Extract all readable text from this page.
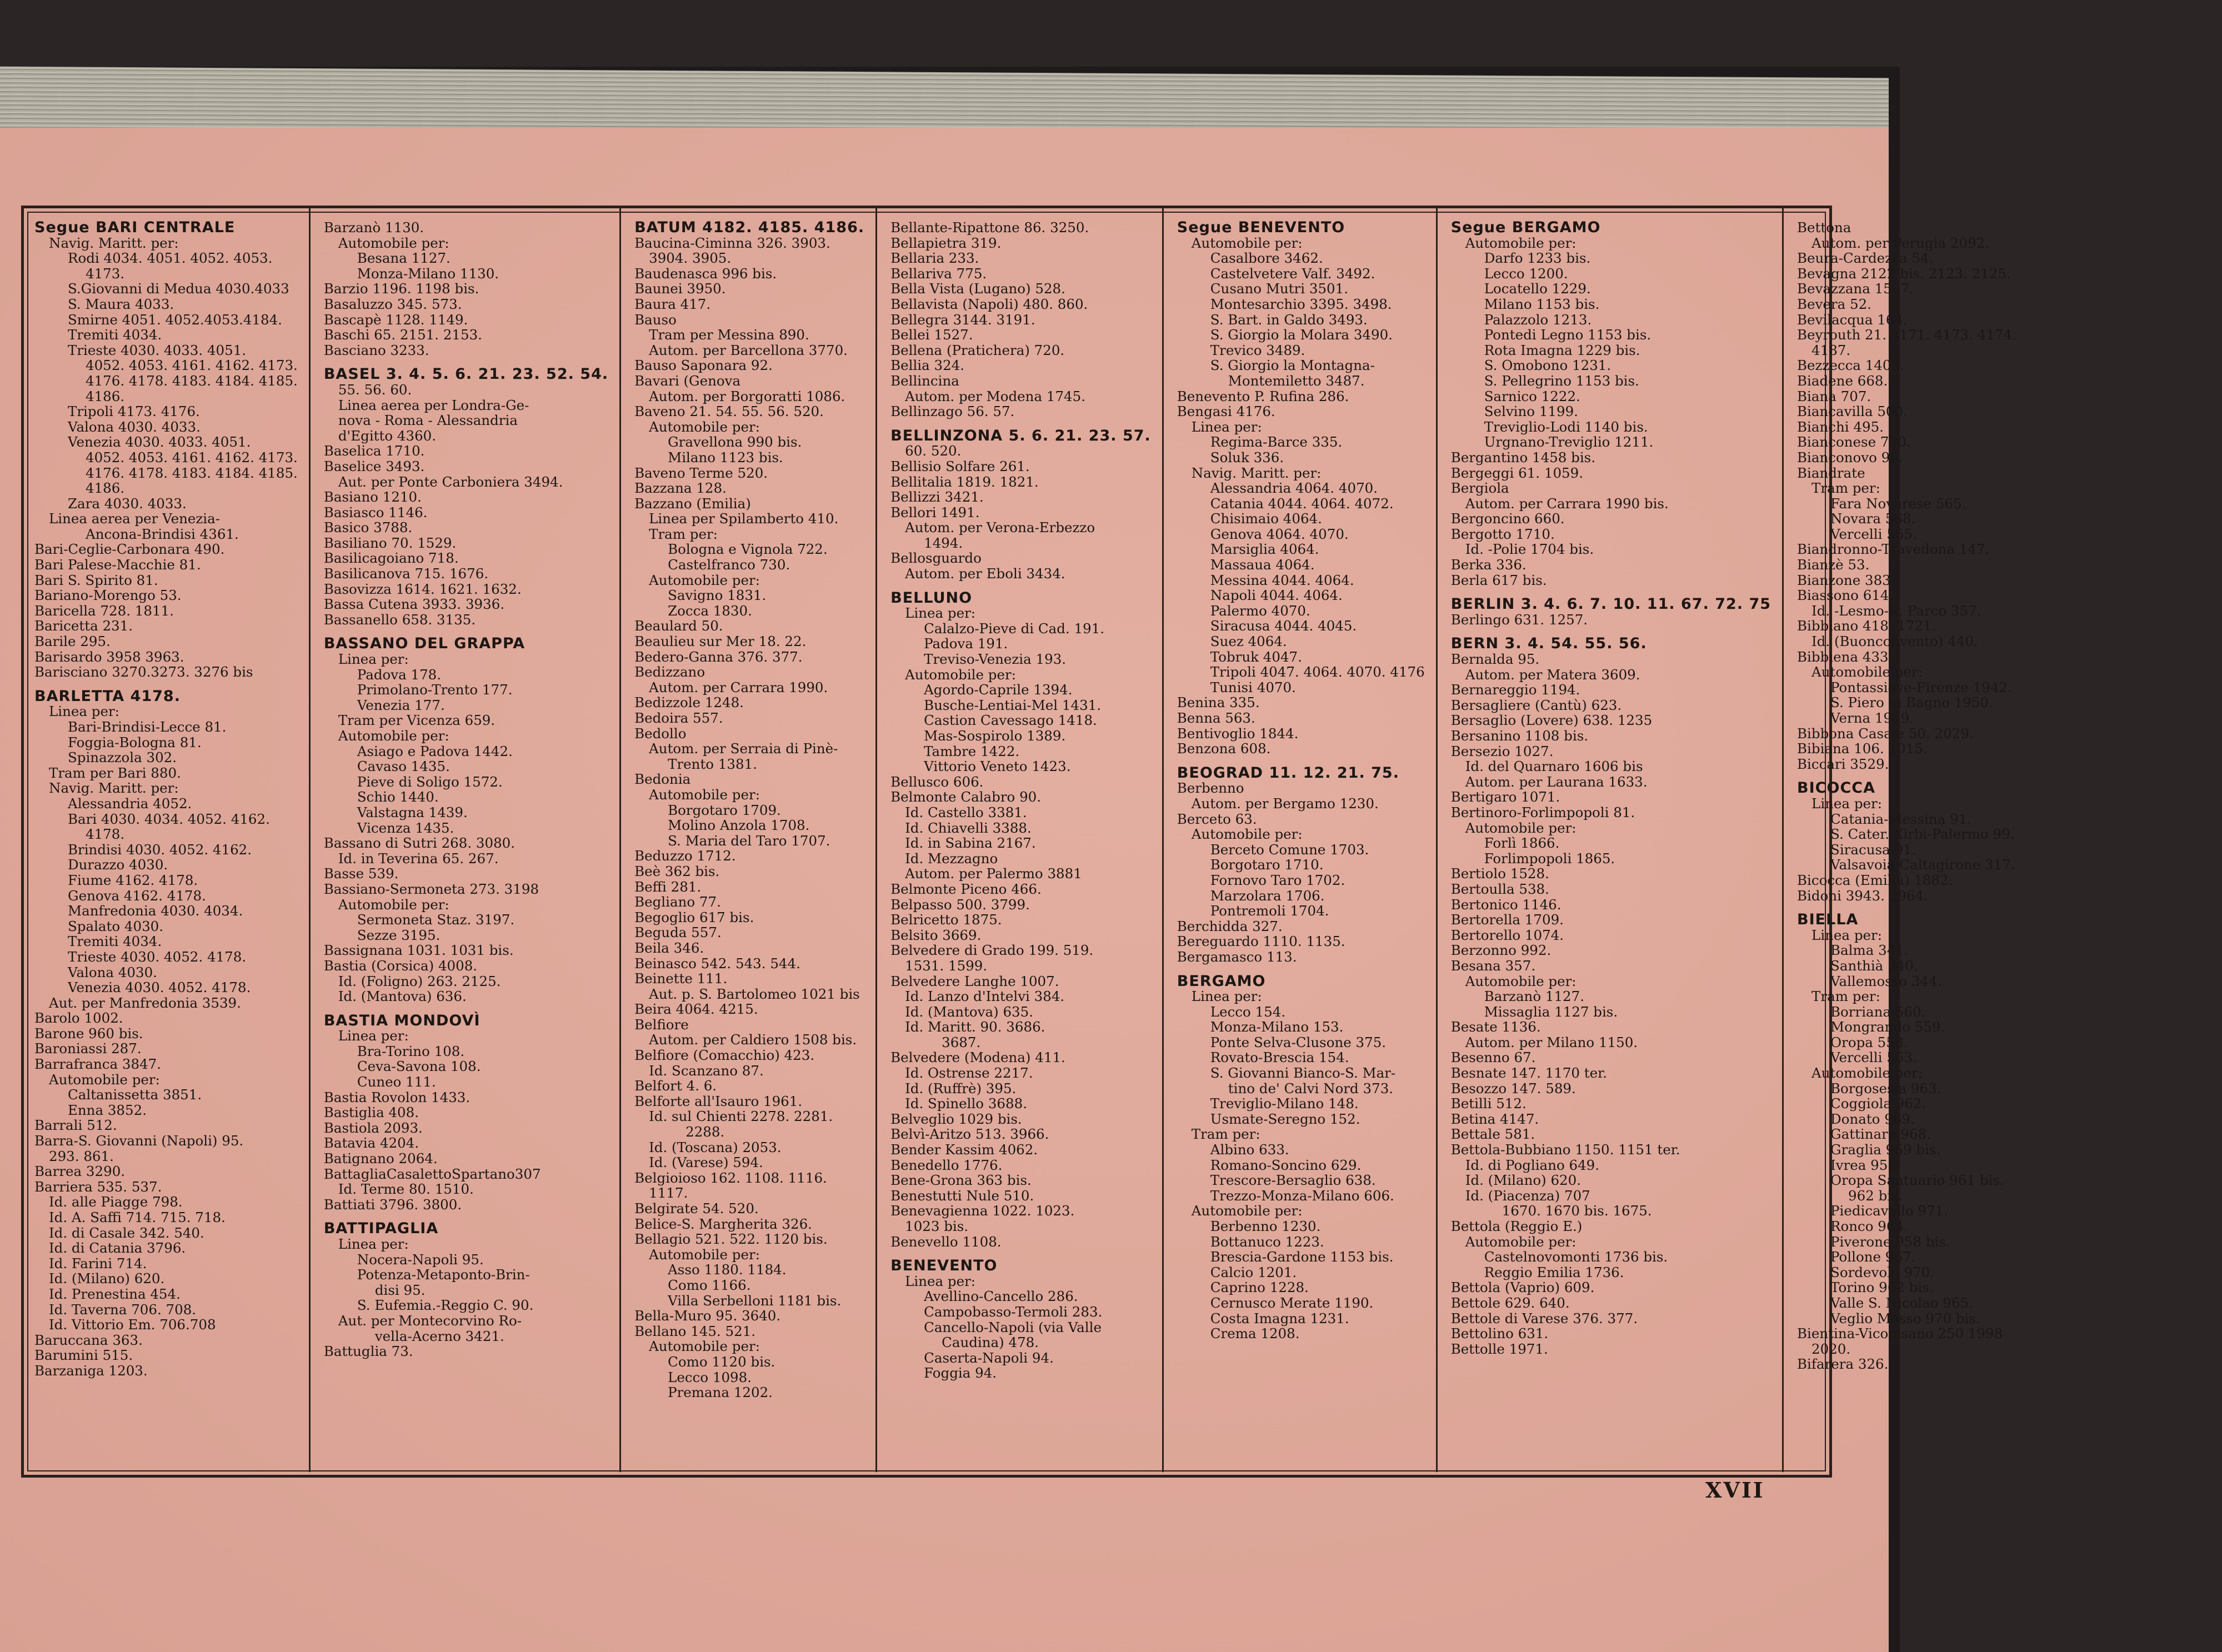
Segue BARI CENTRALE
Navig. Maritt. per:
Rodi 4034. 4051. 4052. 4053.
4173.
S.Giovanni di Medua 4030.4033
S. Maura 4033.
Smirne 4051. 4052.4053.4184.
Tremiti 4034.
Trieste 4030. 4033. 4051.
4052. 4053. 4161. 4162. 4173.
4176. 4178. 4183. 4184. 4185.
4186.
Tripoli 4173. 4176.
Valona 4030. 4033.
Venezia 4030. 4033. 4051.
4052. 4053. 4161. 4162. 4173.
4176. 4178. 4183. 4184. 4185.
4186.
Zara 4030. 4033.
Linea aerea per Venezia-
Ancona-Brindisi 4361.
Bari-Ceglie-Carbonara 490.
Bari Palese-Macchie 81.
Bari S. Spirito 81.
Bariano-Morengo 53.
Baricella 728. 1811.
Baricetta 231.
Barile 295.
Barisardo 3958 3963.
Barisciano 3270.3273. 3276 bis
BARLETTA 4178.
Linea per:
Bari-Brindisi-Lecce 81.
Foggia-Bologna 81.
Spinazzola 302.
Tram per Bari 880.
Navig. Maritt. per:
Alessandria 4052.
Bari 4030. 4034. 4052. 4162.
4178.
Brindisi 4030. 4052. 4162.
Durazzo 4030.
Fiume 4162. 4178.
Genova 4162. 4178.
Manfredonia 4030. 4034.
Spalato 4030.
Tremiti 4034.
Trieste 4030. 4052. 4178.
Valona 4030.
Venezia 4030. 4052. 4178.
Aut. per Manfredonia 3539.
Barolo 1002.
Barone 960 bis.
Baroniassi 287.
Barrafranca 3847.
Automobile per:
Caltanissetta 3851.
Enna 3852.
Barrali 512.
Barra-S. Giovanni (Napoli) 95.
293. 861.
Barrea 3290.
Barriera 535. 537.
Id. alle Piagge 798.
Id. A. Saffi 714. 715. 718.
Id. di Casale 342. 540.
Id. di Catania 3796.
Id. Farini 714.
Id. (Milano) 620.
Id. Prenestina 454.
Id. Taverna 706. 708.
Id. Vittorio Em. 706.708
Baruccana 363.
Barumini 515.
Barzaniga 1203.
Barzanò 1130.
Automobile per:
Besana 1127.
Monza-Milano 1130.
Barzio 1196. 1198 bis.
Basaluzzo 345. 573.
Bascapè 1128. 1149.
Baschi 65. 2151. 2153.
Basciano 3233.
BASEL 3. 4. 5. 6. 21. 23. 52. 54.
55. 56. 60.
Linea aerea per Londra-Ge-
nova - Roma - Alessandria
d'Egitto 4360.
Baselica 1710.
Baselice 3493.
Aut. per Ponte Carboniera 3494.
Basiano 1210.
Basiasco 1146.
Basico 3788.
Basiliano 70. 1529.
Basilicagoiano 718.
Basilicanova 715. 1676.
Basovizza 1614. 1621. 1632.
Bassa Cutena 3933. 3936.
Bassanello 658. 3135.
BASSANO DEL GRAPPA
Linea per:
Padova 178.
Primolano-Trento 177.
Venezia 177.
Tram per Vicenza 659.
Automobile per:
Asiago e Padova 1442.
Cavaso 1435.
Pieve di Soligo 1572.
Schio 1440.
Valstagna 1439.
Vicenza 1435.
Bassano di Sutri 268. 3080.
Id. in Teverina 65. 267.
Basse 539.
Bassiano-Sermoneta 273. 3198
Automobile per:
Sermoneta Staz. 3197.
Sezze 3195.
Bassignana 1031. 1031 bis.
Bastia (Corsica) 4008.
Id. (Foligno) 263. 2125.
Id. (Mantova) 636.
BASTIA MONDOVÌ
Linea per:
Bra-Torino 108.
Ceva-Savona 108.
Cuneo 111.
Bastia Rovolon 1433.
Bastiglia 408.
Bastiola 2093.
Batavia 4204.
Batignano 2064.
BattagliaCasalettoSpartano307
Id. Terme 80. 1510.
Battiati 3796. 3800.
BATTIPAGLIA
Linea per:
Nocera-Napoli 95.
Potenza-Metaponto-Brin-
disi 95.
S. Eufemia.-Reggio C. 90.
Aut. per Montecorvino Ro-
vella-Acerno 3421.
Battuglia 73.
BATUM 4182. 4185. 4186.
Baucina-Ciminna 326. 3903.
3904. 3905.
Baudenasca 996 bis.
Baunei 3950.
Baura 417.
Bauso
Tram per Messina 890.
Autom. per Barcellona 3770.
Bauso Saponara 92.
Bavari (Genova
Autom. per Borgoratti 1086.
Baveno 21. 54. 55. 56. 520.
Automobile per:
Gravellona 990 bis.
Milano 1123 bis.
Baveno Terme 520.
Bazzana 128.
Bazzano (Emilia)
Linea per Spilamberto 410.
Tram per:
Bologna e Vignola 722.
Castelfranco 730.
Automobile per:
Savigno 1831.
Zocca 1830.
Beaulard 50.
Beaulieu sur Mer 18. 22.
Bedero-Ganna 376. 377.
Bedizzano
Autom. per Carrara 1990.
Bedizzole 1248.
Bedoira 557.
Bedollo
Autom. per Serraia di Pinè-
Trento 1381.
Bedonia
Automobile per:
Borgotaro 1709.
Molino Anzola 1708.
S. Maria del Taro 1707.
Beduzzo 1712.
Beè 362 bis.
Beffi 281.
Begliano 77.
Begoglio 617 bis.
Beguda 557.
Beila 346.
Beinasco 542. 543. 544.
Beinette 111.
Aut. p. S. Bartolomeo 1021 bis
Beira 4064. 4215.
Belfiore
Autom. per Caldiero 1508 bis.
Belfiore (Comacchio) 423.
Id. Scanzano 87.
Belfort 4. 6.
Belforte all'Isauro 1961.
Id. sul Chienti 2278. 2281.
2288.
Id. (Toscana) 2053.
Id. (Varese) 594.
Belgioioso 162. 1108. 1116.
1117.
Belgirate 54. 520.
Belice-S. Margherita 326.
Bellagio 521. 522. 1120 bis.
Automobile per:
Asso 1180. 1184.
Como 1166.
Villa Serbelloni 1181 bis.
Bella-Muro 95. 3640.
Bellano 145. 521.
Automobile per:
Como 1120 bis.
Lecco 1098.
Premana 1202.
Bellante-Ripattone 86. 3250.
Bellapietra 319.
Bellaria 233.
Bellariva 775.
Bella Vista (Lugano) 528.
Bellavista (Napoli) 480. 860.
Bellegra 3144. 3191.
Bellei 1527.
Bellena (Praticherа) 720.
Bellia 324.
Bellincina
Autom. per Modena 1745.
Bellinzago 56. 57.
BELLINZONA 5. 6. 21. 23. 57.
60. 520.
Bellisio Solfare 261.
Bellitalia 1819. 1821.
Bellizzi 3421.
Bellori 1491.
Autom. per Verona-Erbezzo
1494.
Bellosguardo
Autom. per Eboli 3434.
BELLUNO
Linea per:
Calalzo-Pieve di Cad. 191.
Padova 191.
Treviso-Venezia 193.
Automobile per:
Agordo-Caprile 1394.
Busche-Lentiai-Mel 1431.
Castion Cavessago 1418.
Mas-Sospirolo 1389.
Tambre 1422.
Vittorio Veneto 1423.
Bellusco 606.
Belmonte Calabro 90.
Id. Castello 3381.
Id. Chiavelli 3388.
Id. in Sabina 2167.
Id. Mezzagno
Autom. per Palermo 3881
Belmonte Piceno 466.
Belpasso 500. 3799.
Belricetto 1875.
Belsito 3669.
Belvedere di Grado 199. 519.
1531. 1599.
Belvedere Langhe 1007.
Id. Lanzo d'Intelvi 384.
Id. (Mantova) 635.
Id. Maritt. 90. 3686.
3687.
Belvedere (Modena) 411.
Id. Ostrense 2217.
Id. (Ruffrè) 395.
Id. Spinello 3688.
Belveglio 1029 bis.
Belvì-Aritzo 513. 3966.
Bender Kassim 4062.
Benedello 1776.
Bene-Grona 363 bis.
Benestutti Nule 510.
Benevagienna 1022. 1023.
1023 bis.
Benevello 1108.
BENEVENTO
Linea per:
Avellino-Cancello 286.
Campobasso-Termoli 283.
Cancello-Napoli (via Valle
Caudina) 478.
Caserta-Napoli 94.
Foggia 94.
Segue BENEVENTO
Automobile per:
Casalbore 3462.
Castelvetere Valf. 3492.
Cusano Mutri 3501.
Montesarchio 3395. 3498.
S. Bart. in Galdo 3493.
S. Giorgio la Molara 3490.
Trevico 3489.
S. Giorgio la Montagna-
Montemiletto 3487.
Benevento P. Rufina 286.
Bengasi 4176.
Linea per:
Regima-Barce 335.
Soluk 336.
Navig. Maritt. per:
Alessandria 4064. 4070.
Catania 4044. 4064. 4072.
Chisimaio 4064.
Genova 4064. 4070.
Marsiglia 4064.
Massaua 4064.
Messina 4044. 4064.
Napoli 4044. 4064.
Palermo 4070.
Siracusa 4044. 4045.
Suez 4064.
Tobruk 4047.
Tripoli 4047. 4064. 4070. 4176
Tunisi 4070.
Benina 335.
Benna 563.
Bentivoglio 1844.
Benzona 608.
BEOGRAD 11. 12. 21. 75.
Berbenno
Autom. per Bergamo 1230.
Berceto 63.
Automobile per:
Berceto Comune 1703.
Borgotaro 1710.
Fornovo Taro 1702.
Marzolara 1706.
Pontremoli 1704.
Berchidda 327.
Bereguardo 1110. 1135.
Bergamasco 113.
BERGAMO
Linea per:
Lecco 154.
Monza-Milano 153.
Ponte Selva-Clusone 375.
Rovato-Brescia 154.
S. Giovanni Bianco-S. Mar-
tino de' Calvi Nord 373.
Treviglio-Milano 148.
Usmate-Seregno 152.
Tram per:
Albino 633.
Romano-Soncino 629.
Trescore-Bersaglio 638.
Trezzo-Monza-Milano 606.
Automobile per:
Berbenno 1230.
Bottanuco 1223.
Brescia-Gardone 1153 bis.
Calcio 1201.
Caprino 1228.
Cernusco Merate 1190.
Costa Imagna 1231.
Crema 1208.
Segue BERGAMO
Automobile per:
Darfo 1233 bis.
Lecco 1200.
Locatello 1229.
Milano 1153 bis.
Palazzolo 1213.
Pontedi Legno 1153 bis.
Rota Imagna 1229 bis.
S. Omobono 1231.
S. Pellegrino 1153 bis.
Sarnico 1222.
Selvino 1199.
Treviglio-Lodi 1140 bis.
Urgnano-Treviglio 1211.
Bergantino 1458 bis.
Bergeggi 61. 1059.
Bergiola
Autom. per Carrara 1990 bis.
Bergoncino 660.
Bergotto 1710.
Id. -Polie 1704 bis.
Berka 336.
Berla 617 bis.
BERLIN 3. 4. 6. 7. 10. 11. 67. 72. 75
Berlingo 631. 1257.
BERN 3. 4. 54. 55. 56.
Bernalda 95.
Autom. per Matera 3609.
Bernareggio 1194.
Bersagliere (Cantù) 623.
Bersaglio (Lovere) 638. 1235
Bersanino 1108 bis.
Bersezio 1027.
Id. del Quarnaro 1606 bis
Autom. per Laurana 1633.
Bertigaro 1071.
Bertinoro-Forlimpopoli 81.
Automobile per:
Forlì 1866.
Forlimpopoli 1865.
Bertiolo 1528.
Bertoulla 538.
Bertonico 1146.
Bertorella 1709.
Bertorello 1074.
Berzonno 992.
Besana 357.
Automobile per:
Barzanò 1127.
Missaglia 1127 bis.
Besate 1136.
Autom. per Milano 1150.
Besenno 67.
Besnate 147. 1170 ter.
Besozzo 147. 589.
Betilli 512.
Betina 4147.
Bettale 581.
Bettola-Bubbiano 1150. 1151 ter.
Id. di Pogliano 649.
Id. (Milano) 620.
Id. (Piacenza) 707
1670. 1670 bis. 1675.
Bettola (Reggio E.)
Automobile per:
Castelnovomonti 1736 bis.
Reggio Emilia 1736.
Bettola (Vaprio) 609.
Bettole 629. 640.
Bettole di Varese 376. 377.
Bettolino 631.
Bettolle 1971.
Bettona
Autom. per Perugia 2092.
Beura-Cardezza 54.
Bevagna 2122 bis. 2123. 2125.
Bevazzana 1557.
Bevera 52.
Bevilacqua 164.
Beyrouth 21. 4171. 4173. 4174.
4187.
Bezzecca 1403.
Biadene 668.
Biana 707.
Biancavilla 500.
Bianchi 495.
Bianconese 720.
Bianconovo 96.
Biandrate
Tram per:
Fara Novarese 565.
Novara 568.
Vercelli 565.
Biandronno-Travedona 147.
Bianzè 53.
Bianzone 383.
Biassono 614.
Id. -Lesmo-R. Parco 357.
Bibbiano 418. 1721.
Id. (Buonconvento) 440.
Bibbiena 433.
Automobile per:
Pontassieve-Firenze 1942.
S. Piero in Bagno 1950.
Verna 1949.
Bibbona Casale 50. 2029.
Bibiana 106. 1015.
Biccari 3529.
BICOCCA
Linea per:
Catania-Messina 91.
S. Cater. Xirbi-Palermo 99.
Siracusa 91.
Valsavoia-Caltagirone 317.
Bicocca (Emilia) 1882.
Bidoni 3943. 3964.
BIELLA
Linea per:
Balma 341.
Santhià 340.
Vallemosso 344.
Tram per:
Borriana 560.
Mongrando 559.
Oropa 558.
Vercelli 563.
Automobile per:
Borgosesia 963.
Coggiola 962.
Donato 969.
Gattinara 968.
Graglia 969 bis.
Ivrea 958.
Oropa Santuario 961 bis.
962 bis.
Piedicavallo 971.
Ronco 964.
Piverone 958 bis.
Pollone 967.
Sordevolo 970.
Torino 962 bis.
Valle S. Nicolao 965.
Veglio Mosso 970 bis.
Bientina-Vicopisano 250 1998
2020.
Bifarera 326.
XVII
